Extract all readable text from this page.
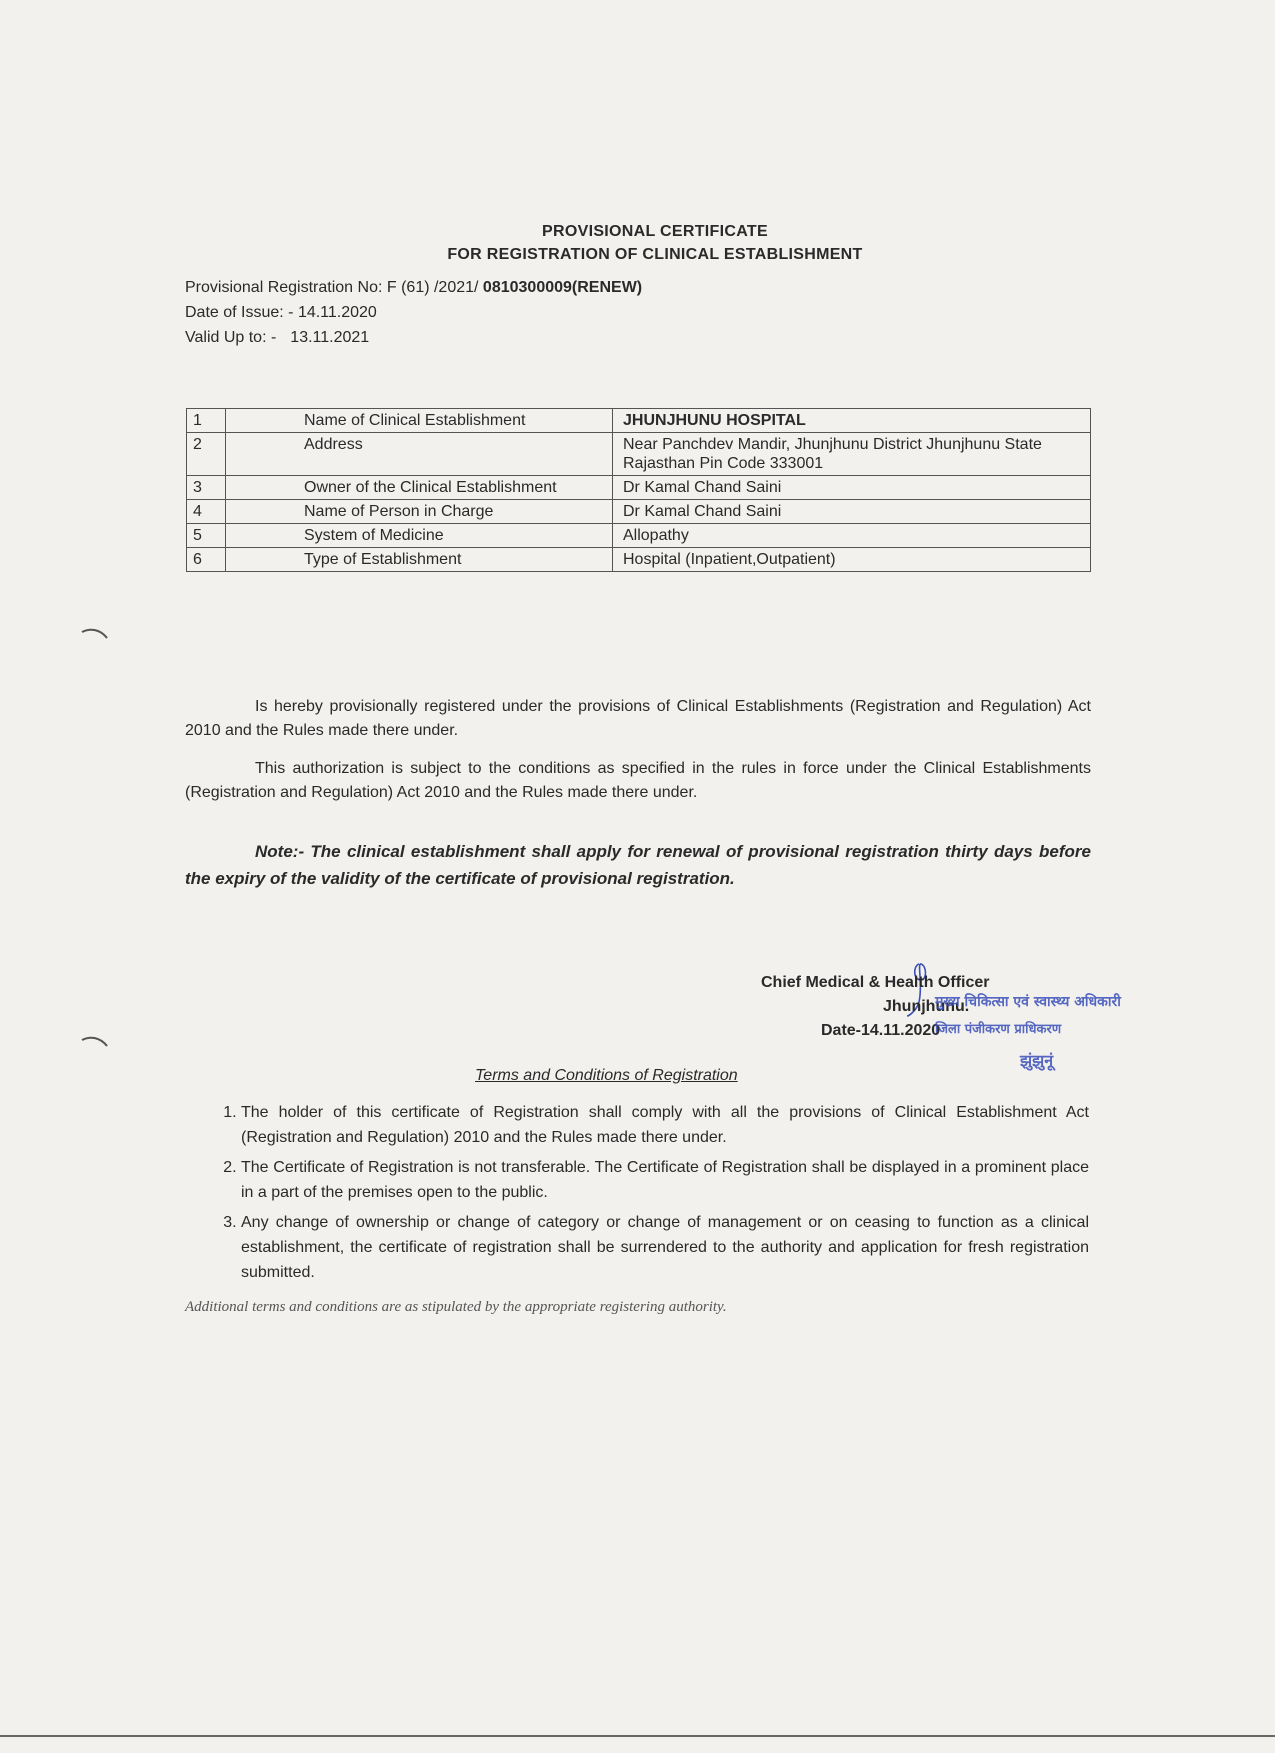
PROVISIONAL CERTIFICATE
FOR REGISTRATION OF CLINICAL ESTABLISHMENT
Provisional Registration No: F (61) /2021/ 0810300009(RENEW)
Date of Issue: - 14.11.2020
Valid Up to: - 13.11.2021
1	Name of Clinical Establishment	JHUNJHUNU HOSPITAL
2	Address	Near Panchdev Mandir, Jhunjhunu District Jhunjhunu State Rajasthan Pin Code 333001
3	Owner of the Clinical Establishment	Dr Kamal Chand Saini
4	Name of Person in Charge	Dr Kamal Chand Saini
5	System of Medicine	Allopathy
6	Type of Establishment	Hospital (Inpatient,Outpatient)
Is hereby provisionally registered under the provisions of Clinical Establishments (Registration and Regulation) Act 2010 and the Rules made there under.
This authorization is subject to the conditions as specified in the rules in force under the Clinical Establishments (Registration and Regulation) Act 2010 and the Rules made there under.
Note:- The clinical establishment shall apply for renewal of provisional registration thirty days before the expiry of the validity of the certificate of provisional registration.
Chief Medical & Health Officer
Jhunjhunu.
Date-14.11.2020
मुख्य चिकित्सा एवं स्वास्थ्य अधिकारी
जिला पंजीकरण प्राधिकरण
झुंझुनूं
Terms and Conditions of Registration
1. The holder of this certificate of Registration shall comply with all the provisions of Clinical Establishment Act (Registration and Regulation) 2010 and the Rules made there under.
2. The Certificate of Registration is not transferable. The Certificate of Registration shall be displayed in a prominent place in a part of the premises open to the public.
3. Any change of ownership or change of category or change of management or on ceasing to function as a clinical establishment, the certificate of registration shall be surrendered to the authority and application for fresh registration submitted.
Additional terms and conditions are as stipulated by the appropriate registering authority.
